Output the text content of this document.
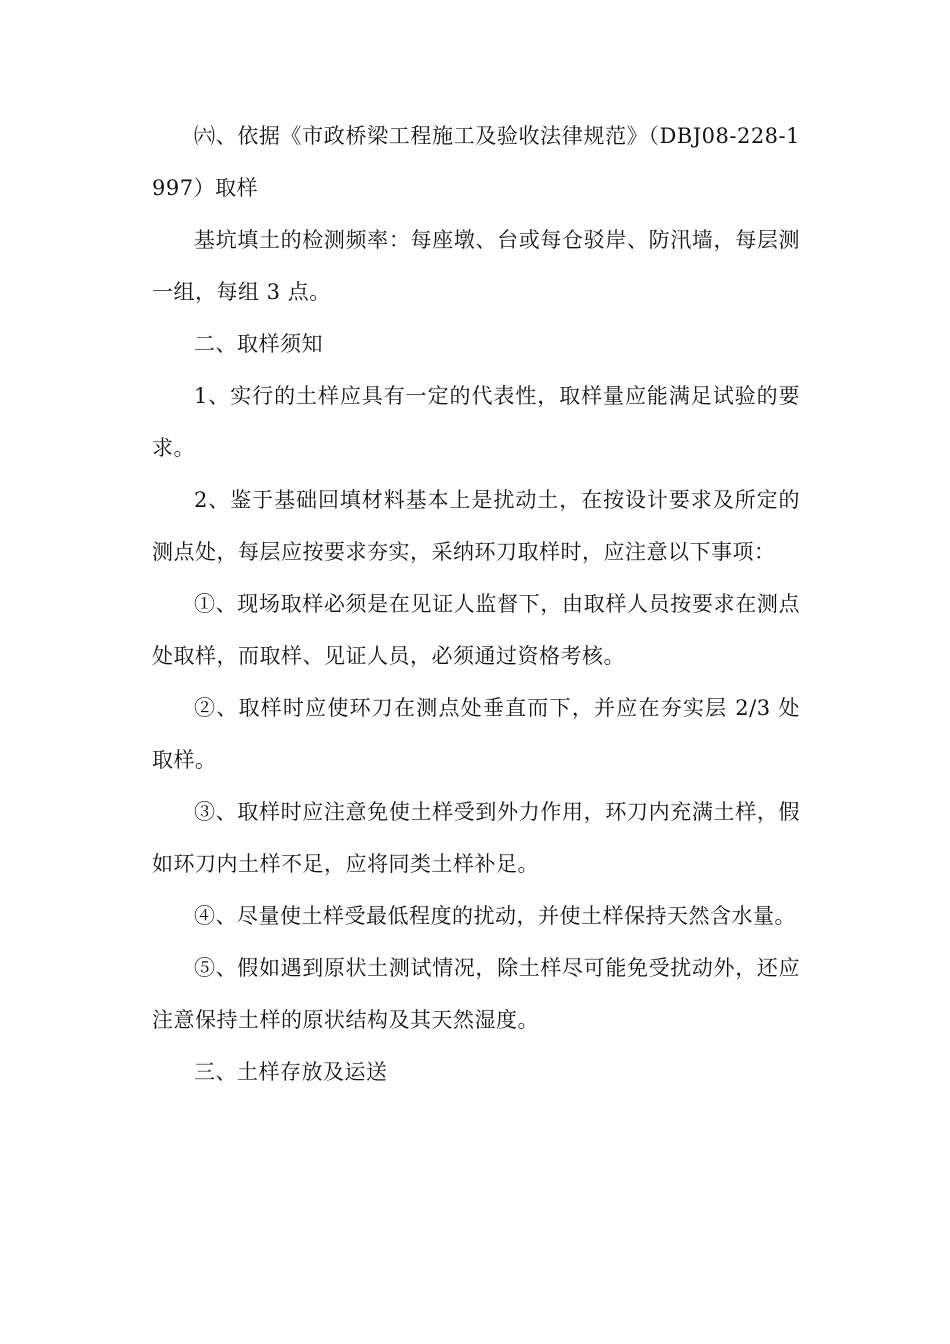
㈥、依据《市政桥梁工程施工及验收法律规范》（DBJ08-228-1997）取样

基坑填土的检测频率：每座墩、台或每仓驳岸、防汛墙，每层测一组，每组 3 点。

二、取样须知

1、实行的土样应具有一定的代表性，取样量应能满足试验的要求。

2、鉴于基础回填材料基本上是扰动土，在按设计要求及所定的测点处，每层应按要求夯实，采纳环刀取样时，应注意以下事项：

①、现场取样必须是在见证人监督下，由取样人员按要求在测点处取样，而取样、见证人员，必须通过资格考核。

②、取样时应使环刀在测点处垂直而下，并应在夯实层 2/3 处取样。

③、取样时应注意免使土样受到外力作用，环刀内充满土样，假如环刀内土样不足，应将同类土样补足。

④、尽量使土样受最低程度的扰动，并使土样保持天然含水量。

⑤、假如遇到原状土测试情况，除土样尽可能免受扰动外，还应注意保持土样的原状结构及其天然湿度。

三、土样存放及运送
